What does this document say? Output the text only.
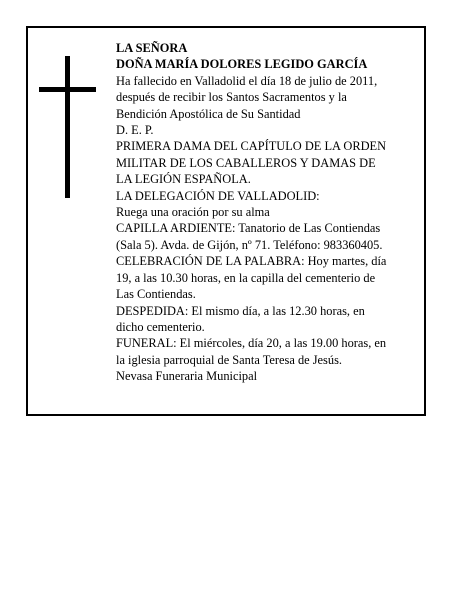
LA SEÑORA
DOÑA MARÍA DOLORES LEGIDO GARCÍA
Ha fallecido en Valladolid el día 18 de julio de 2011,
después de recibir los Santos Sacramentos y la
Bendición Apostólica de Su Santidad
D. E. P.
PRIMERA DAMA DEL CAPÍTULO DE LA ORDEN
MILITAR DE LOS CABALLEROS Y DAMAS DE
LA LEGIÓN ESPAÑOLA.
LA DELEGACIÓN DE VALLADOLID:
Ruega una oración por su alma
CAPILLA ARDIENTE: Tanatorio de Las Contiendas
(Sala 5). Avda. de Gijón, nº 71. Teléfono: 983360405.
CELEBRACIÓN DE LA PALABRA: Hoy martes, día
19, a las 10.30 horas, en la capilla del cementerio de
Las Contiendas.
DESPEDIDA: El mismo día, a las 12.30 horas, en
dicho cementerio.
FUNERAL: El miércoles, día 20, a las 19.00 horas, en
la iglesia parroquial de Santa Teresa de Jesús.
Nevasa Funeraria Municipal
